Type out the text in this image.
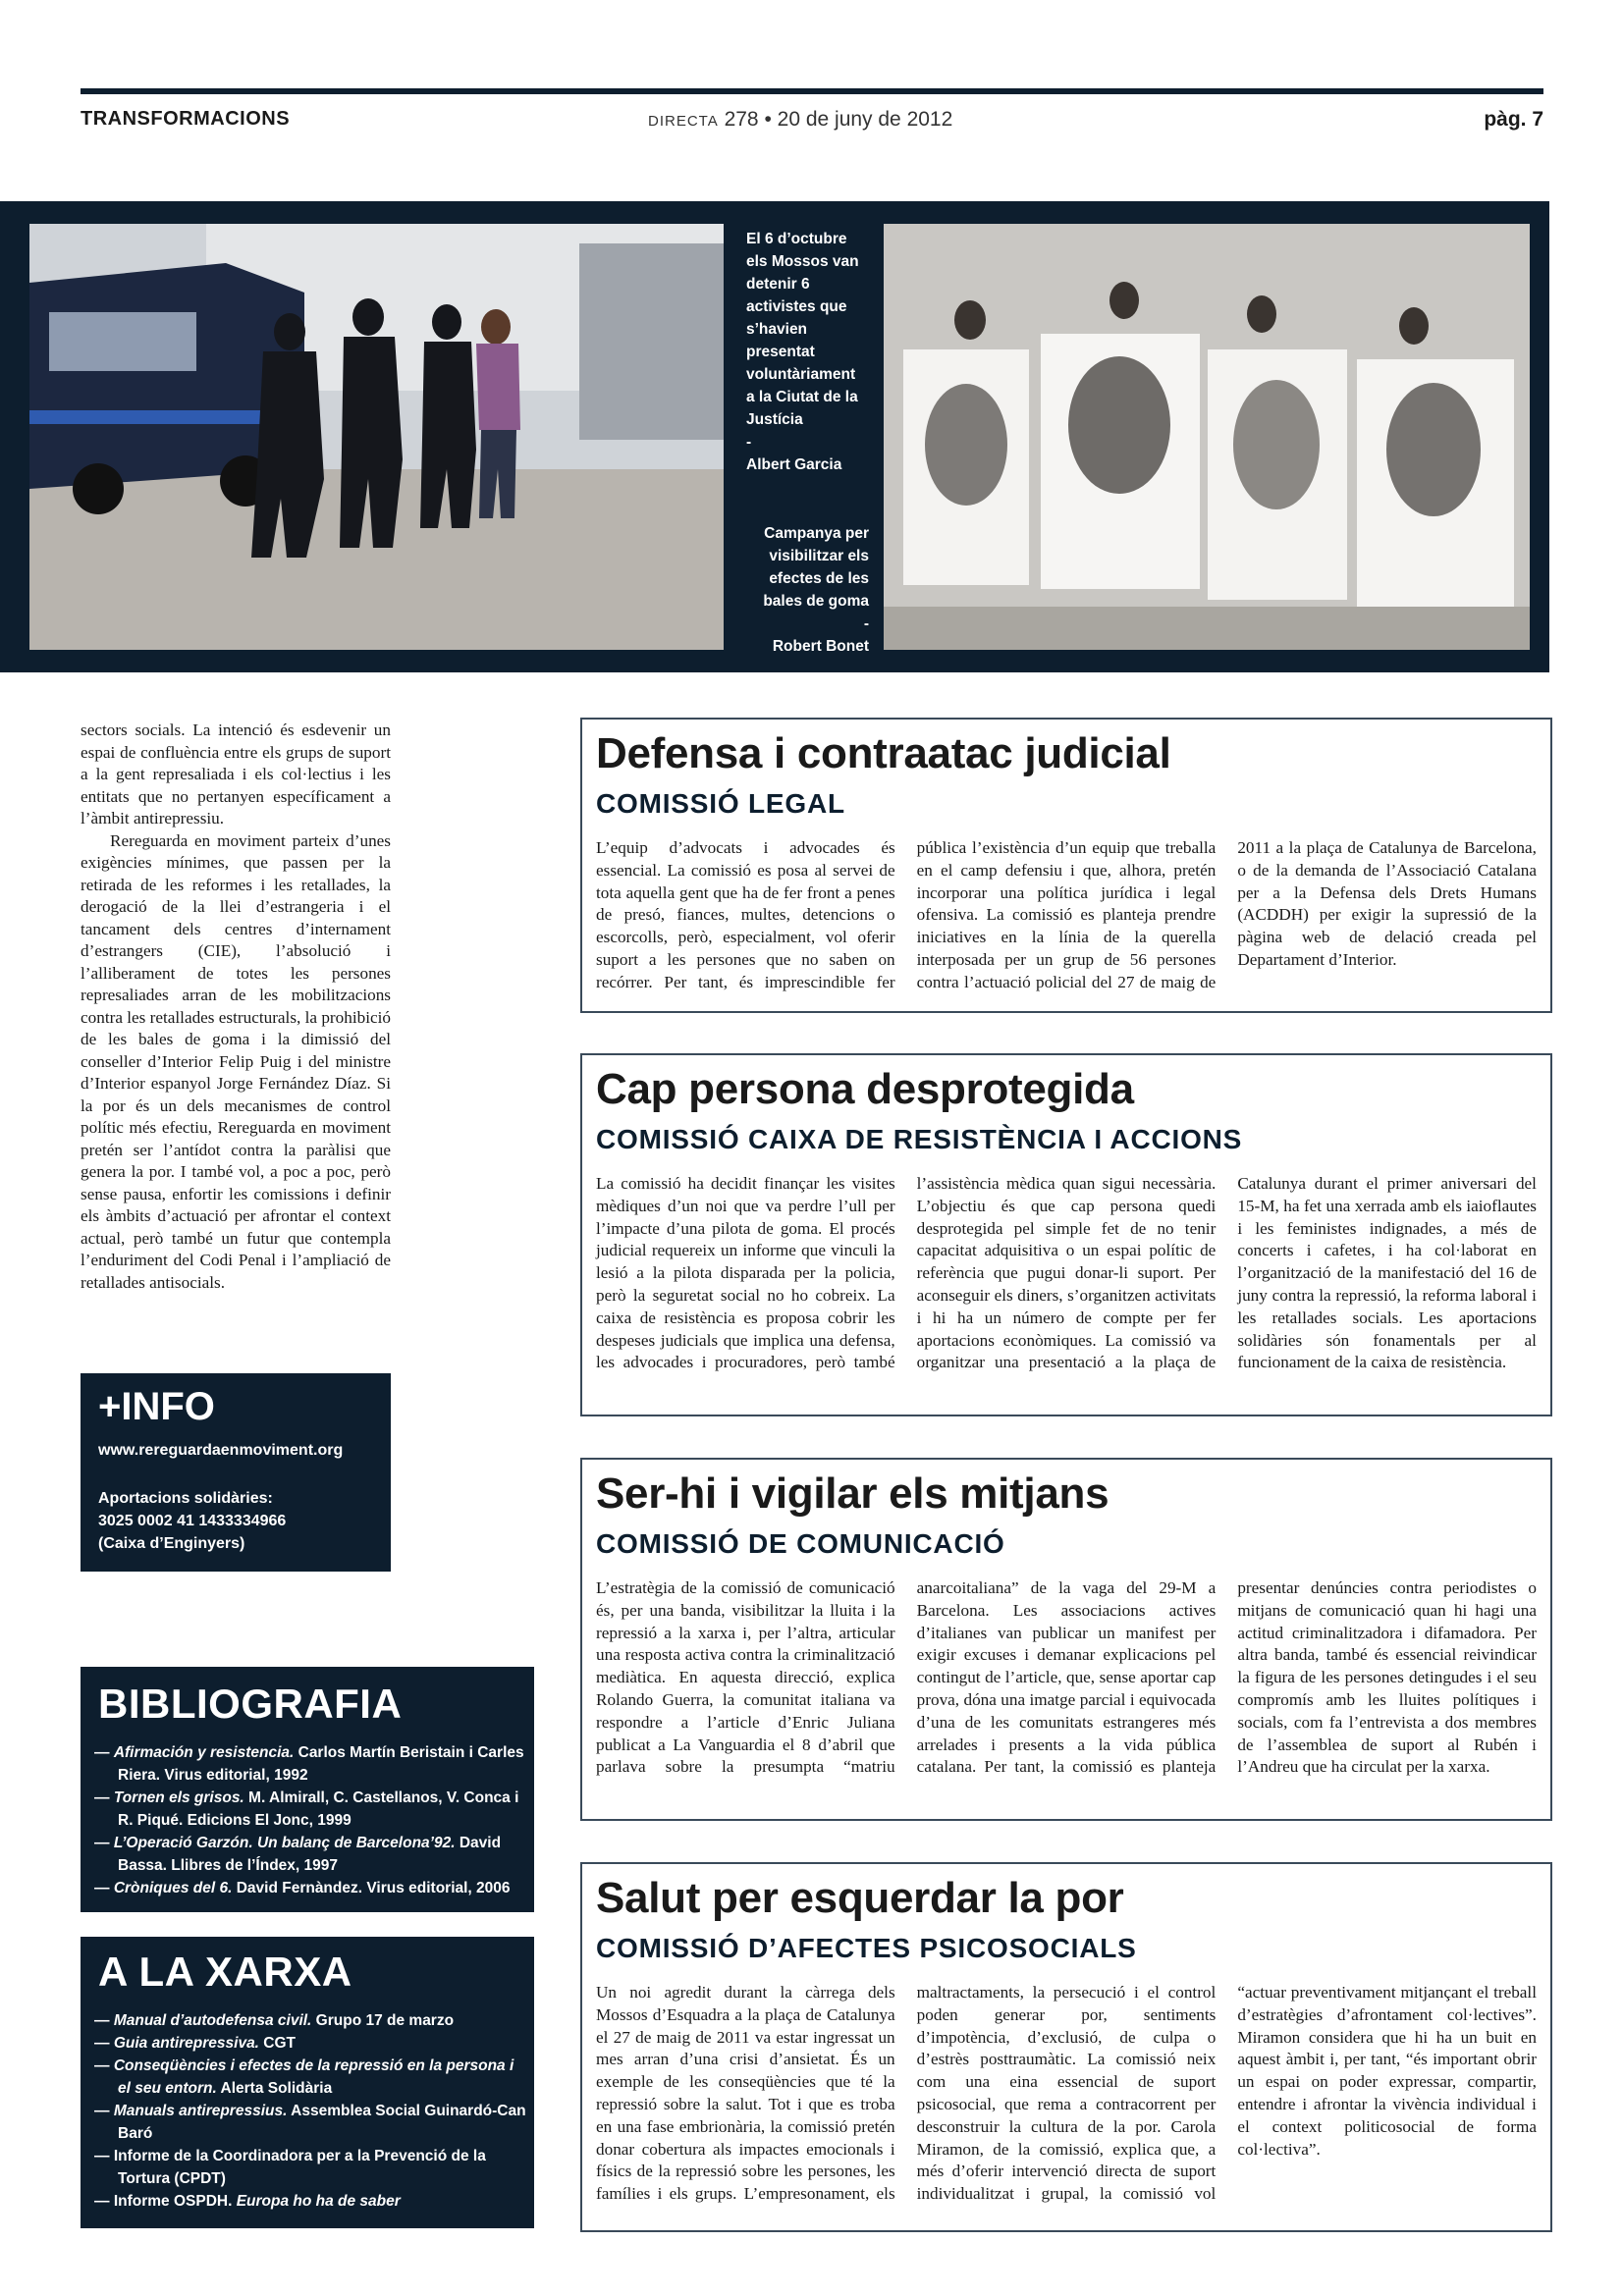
TRANSFORMACIONS	DIRECTA 278 • 20 de juny de 2012	pàg. 7
El 6 d’octubre
els Mossos van
detenir 6
activistes que
s’havien
presentat
voluntàriament
a la Ciutat de la
Justícia
-
Albert Garcia
Campanya per
visibilitzar els
efectes de les
bales de goma
-
Robert Bonet

sectors socials. La intenció és esdevenir un espai de confluència entre els grups de suport a la gent represaliada i els col·lectius i les entitats que no pertanyen específicament a l’àmbit antirepressiu.

Rereguarda en moviment parteix d’unes exigències mínimes, que passen per la retirada de les reformes i les retallades, la derogació de la llei d’estrangeria i el tancament dels centres d’internament d’estrangers (CIE), l’absolució i l’alliberament de totes les persones represaliades arran de les mobilitzacions contra les retallades estructurals, la prohibició de les bales de goma i la dimissió del conseller d’Interior Felip Puig i del ministre d’Interior espanyol Jorge Fernández Díaz. Si la por és un dels mecanismes de control polític més efectiu, Rereguarda en moviment pretén ser l’antídot contra la paràlisi que genera la por. I també vol, a poc a poc, però sense pausa, enfortir les comissions i definir els àmbits d’actuació per afrontar el context actual, però també un futur que contempla l’enduriment del Codi Penal i l’ampliació de retallades antisocials.

+INFO
www.rereguardaenmoviment.org
Aportacions solidàries:
3025 0002 41 1433334966
(Caixa d’Enginyers)
BIBLIOGRAFIA
— Afirmación y resistencia. Carlos Martín Beristain i Carles Riera. Virus editorial, 1992
— Tornen els grisos. M. Almirall, C. Castellanos, V. Conca i R. Piqué. Edicions El Jonc, 1999
— L’Operació Garzón. Un balanç de Barcelona’92. David Bassa. Llibres de l’Índex, 1997
— Cròniques del 6. David Fernàndez. Virus editorial, 2006
A LA XARXA
— Manual d’autodefensa civil. Grupo 17 de marzo
— Guia antirepressiva. CGT
— Conseqüències i efectes de la repressió en la persona i el seu entorn. Alerta Solidària
— Manuals antirepressius. Assemblea Social Guinardó-Can Baró
— Informe de la Coordinadora per a la Prevenció de la Tortura (CPDT)
— Informe OSPDH. Europa ho ha de saber
Defensa i contraatac judicial
COMISSIÓ LEGAL

L’equip d’advocats i advocades és essencial. La comissió es posa al servei de tota aquella gent que ha de fer front a penes de presó, fiances, multes, detencions o escorcolls, però, especialment, vol oferir suport a les persones que no saben on recórrer. Per tant, és imprescindible fer pública l’existència d’un equip que treballa en el camp defensiu i que, alhora, pretén incorporar una política jurídica i legal ofensiva. La comissió es planteja prendre iniciatives en la línia de la querella interposada per un grup de 56 persones contra l’actuació policial del 27 de maig de 2011 a la plaça de Catalunya de Barcelona, o de la demanda de l’Associació Catalana per a la Defensa dels Drets Humans (ACDDH) per exigir la supressió de la pàgina web de delació creada pel Departament d’Interior.

Cap persona desprotegida
COMISSIÓ CAIXA DE RESISTÈNCIA I ACCIONS

La comissió ha decidit finançar les visites mèdiques d’un noi que va perdre l’ull per l’impacte d’una pilota de goma. El procés judicial requereix un informe que vinculi la lesió a la pilota disparada per la policia, però la seguretat social no ho cobreix. La caixa de resistència es proposa cobrir les despeses judicials que implica una defensa, les advocades i procuradores, però també l’assistència mèdica quan sigui necessària. L’objectiu és que cap persona quedi desprotegida pel simple fet de no tenir capacitat adquisitiva o un espai polític de referència que pugui donar-li suport. Per aconseguir els diners, s’organitzen activitats i hi ha un número de compte per fer aportacions econòmiques. La comissió va organitzar una presentació a la plaça de Catalunya durant el primer aniversari del 15-M, ha fet una xerrada amb els iaioflautes i les feministes indignades, a més de concerts i cafetes, i ha col·laborat en l’organització de la manifestació del 16 de juny contra la repressió, la reforma laboral i les retallades socials. Les aportacions solidàries són fonamentals per al funcionament de la caixa de resistència.

Ser-hi i vigilar els mitjans
COMISSIÓ DE COMUNICACIÓ

L’estratègia de la comissió de comunicació és, per una banda, visibilitzar la lluita i la repressió a la xarxa i, per l’altra, articular una resposta activa contra la criminalització mediàtica. En aquesta direcció, explica Rolando Guerra, la comunitat italiana va respondre a l’article d’Enric Juliana publicat a La Vanguardia el 8 d’abril que parlava sobre la presumpta “matriu anarcoitaliana” de la vaga del 29-M a Barcelona. Les associacions actives d’italianes van publicar un manifest per exigir excuses i demanar explicacions pel contingut de l’article, que, sense aportar cap prova, dóna una imatge parcial i equivocada d’una de les comunitats estrangeres més arrelades i presents a la vida pública catalana. Per tant, la comissió es planteja presentar denúncies contra periodistes o mitjans de comunicació quan hi hagi una actitud criminalitzadora i difamadora. Per altra banda, també és essencial reivindicar la figura de les persones detingudes i el seu compromís amb les lluites polítiques i socials, com fa l’entrevista a dos membres de l’assemblea de suport al Rubén i l’Andreu que ha circulat per la xarxa.

Salut per esquerdar la por
COMISSIÓ D’AFECTES PSICOSOCIALS

Un noi agredit durant la càrrega dels Mossos d’Esquadra a la plaça de Catalunya el 27 de maig de 2011 va estar ingressat un mes arran d’una crisi d’ansietat. És un exemple de les conseqüències que té la repressió sobre la salut. Tot i que es troba en una fase embrionària, la comissió pretén donar cobertura als impactes emocionals i físics de la repressió sobre les persones, les famílies i els grups. L’empresonament, els maltractaments, la persecució i el control poden generar por, sentiments d’impotència, d’exclusió, de culpa o d’estrès posttraumàtic. La comissió neix com una eina essencial de suport psicosocial, que rema a contracorrent per desconstruir la cultura de la por. Carola Miramon, de la comissió, explica que, a més d’oferir intervenció directa de suport individualitzat i grupal, la comissió vol “actuar preventivament mitjançant el treball d’estratègies d’afrontament col·lectives”. Miramon considera que hi ha un buit en aquest àmbit i, per tant, “és important obrir un espai on poder expressar, compartir, entendre i afrontar la vivència individual i el context politicosocial de forma col·lectiva”.
